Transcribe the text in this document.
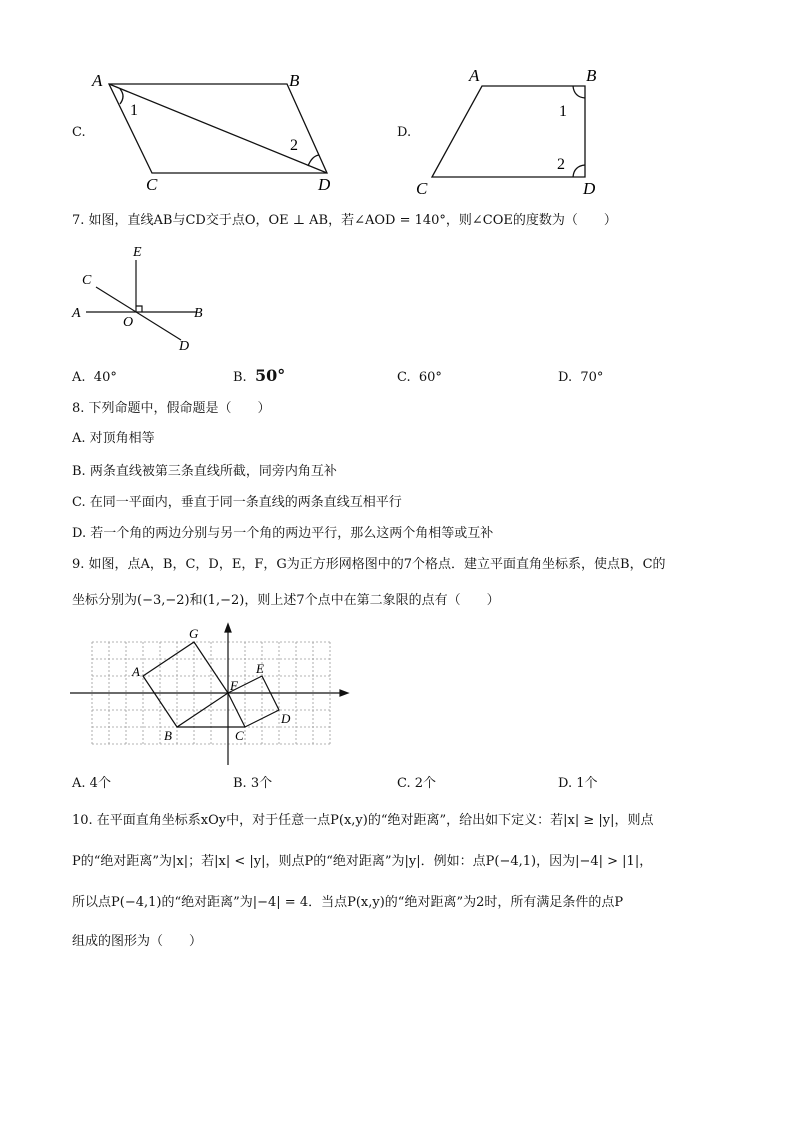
C.
A	B
C	D
1
2
D.
A	B
C	D
1
2

7. 如图，直线AB与CD交于点O，OE ⊥ AB，若∠AOD = 140°，则∠COE的度数为（　　）

E
C
A
O
B
D
A. 40°	B. 50°	C. 60°	D. 70°

8. 下列命题中，假命题是（　　）

A. 对顶角相等

B. 两条直线被第三条直线所截，同旁内角互补

C. 在同一平面内，垂直于同一条直线的两条直线互相平行

D. 若一个角的两边分别与另一个角的两边平行，那么这两个角相等或互补

9. 如图，点A，B，C，D，E，F，G为正方形网格图中的7个格点．建立平面直角坐标系，使点B，C的

坐标分别为(−3,−2)和(1,−2)，则上述7个点中在第二象限的点有（　　）

G
A	E
F
D
B	C
A. 4个	B. 3个	C. 2个	D. 1个

10. 在平面直角坐标系xOy中，对于任意一点P(x,y)的“绝对距离”，给出如下定义：若|x| ≥ |y|，则点

P的“绝对距离”为|x|；若|x| < |y|，则点P的“绝对距离”为|y|．例如：点P(−4,1)，因为|−4| > |1|，

所以点P(−4,1)的“绝对距离”为|−4| = 4．当点P(x,y)的“绝对距离”为2时，所有满足条件的点P

组成的图形为（　　）
